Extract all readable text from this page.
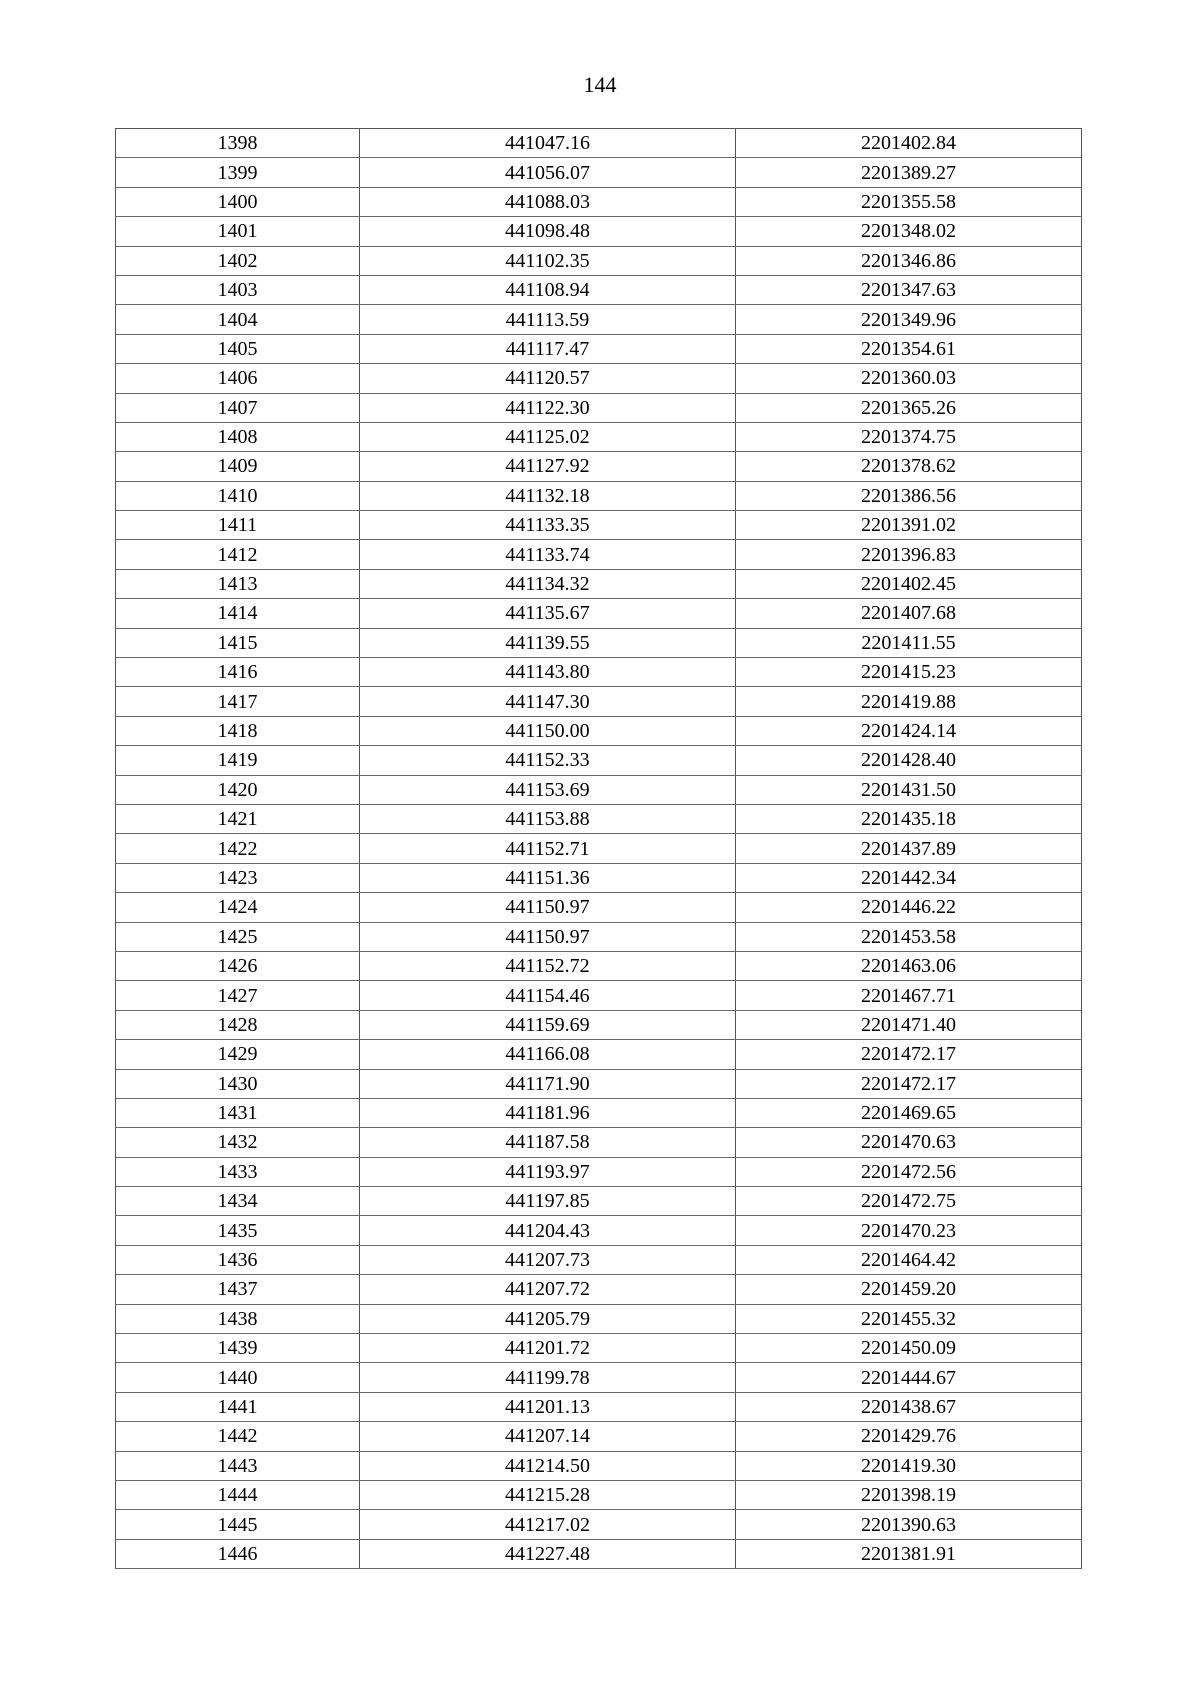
144
1398	441047.16	2201402.84
1399	441056.07	2201389.27
1400	441088.03	2201355.58
1401	441098.48	2201348.02
1402	441102.35	2201346.86
1403	441108.94	2201347.63
1404	441113.59	2201349.96
1405	441117.47	2201354.61
1406	441120.57	2201360.03
1407	441122.30	2201365.26
1408	441125.02	2201374.75
1409	441127.92	2201378.62
1410	441132.18	2201386.56
1411	441133.35	2201391.02
1412	441133.74	2201396.83
1413	441134.32	2201402.45
1414	441135.67	2201407.68
1415	441139.55	2201411.55
1416	441143.80	2201415.23
1417	441147.30	2201419.88
1418	441150.00	2201424.14
1419	441152.33	2201428.40
1420	441153.69	2201431.50
1421	441153.88	2201435.18
1422	441152.71	2201437.89
1423	441151.36	2201442.34
1424	441150.97	2201446.22
1425	441150.97	2201453.58
1426	441152.72	2201463.06
1427	441154.46	2201467.71
1428	441159.69	2201471.40
1429	441166.08	2201472.17
1430	441171.90	2201472.17
1431	441181.96	2201469.65
1432	441187.58	2201470.63
1433	441193.97	2201472.56
1434	441197.85	2201472.75
1435	441204.43	2201470.23
1436	441207.73	2201464.42
1437	441207.72	2201459.20
1438	441205.79	2201455.32
1439	441201.72	2201450.09
1440	441199.78	2201444.67
1441	441201.13	2201438.67
1442	441207.14	2201429.76
1443	441214.50	2201419.30
1444	441215.28	2201398.19
1445	441217.02	2201390.63
1446	441227.48	2201381.91
